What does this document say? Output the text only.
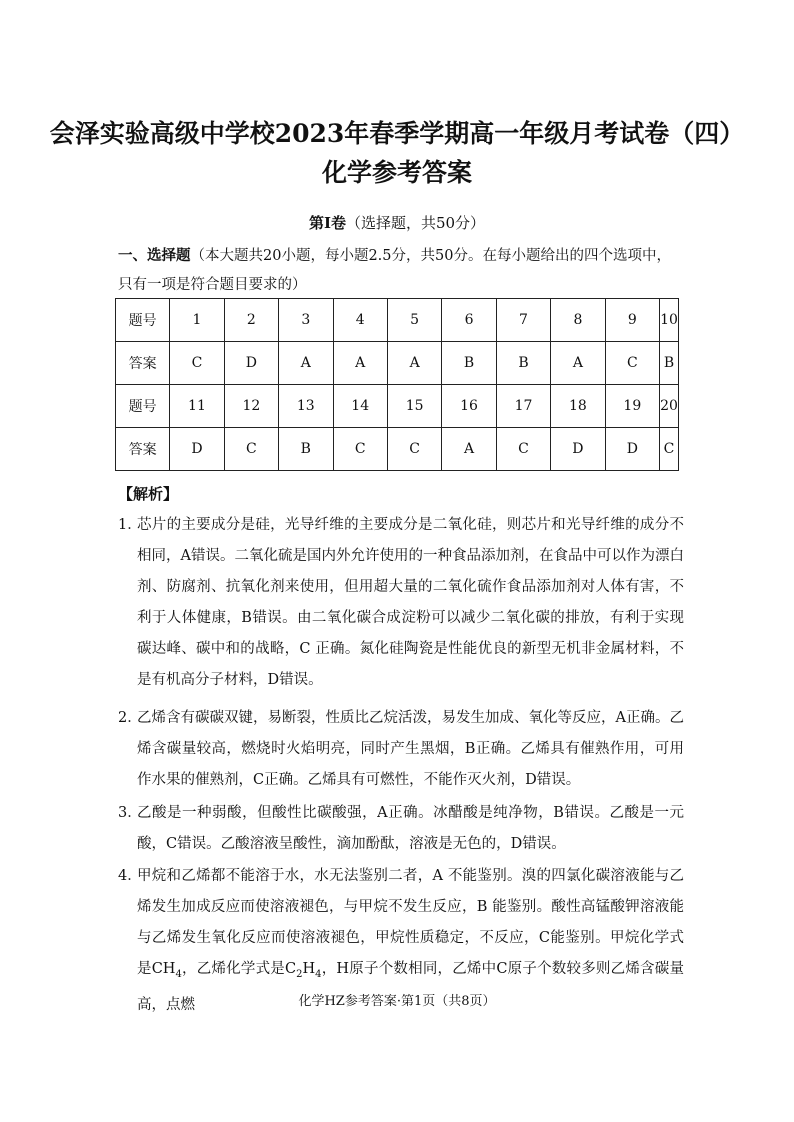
会泽实验高级中学校2023年春季学期高一年级月考试卷（四）
化学参考答案
第Ⅰ卷（选择题，共50分）
一、选择题（本大题共20小题，每小题2.5分，共50分。在每小题给出的四个选项中，只有一项是符合题目要求的）
题号	1	2	3	4	5	6	7	8	9	10
答案	C	D	A	A	A	B	B	A	C	B
题号	11	12	13	14	15	16	17	18	19	20
答案	D	C	B	C	C	A	C	D	D	C
【解析】
1．
芯片的主要成分是硅，光导纤维的主要成分是二氧化硅，则芯片和光导纤维的成分不相同，A错误。二氧化硫是国内外允许使用的一种食品添加剂，在食品中可以作为漂白剂、防腐剂、抗氧化剂来使用，但用超大量的二氧化硫作食品添加剂对人体有害，不利于人体健康，B错误。由二氧化碳合成淀粉可以减少二氧化碳的排放，有利于实现碳达峰、碳中和的战略，C 正确。氮化硅陶瓷是性能优良的新型无机非金属材料，不是有机高分子材料，D错误。
2．
乙烯含有碳碳双键，易断裂，性质比乙烷活泼，易发生加成、氧化等反应，A正确。乙烯含碳量较高，燃烧时火焰明亮，同时产生黑烟，B正确。乙烯具有催熟作用，可用作水果的催熟剂，C正确。乙烯具有可燃性，不能作灭火剂，D错误。
3．
乙酸是一种弱酸，但酸性比碳酸强，A正确。冰醋酸是纯净物，B错误。乙酸是一元酸，C错误。乙酸溶液呈酸性，滴加酚酞，溶液是无色的，D错误。
4．
甲烷和乙烯都不能溶于水，水无法鉴别二者，A 不能鉴别。溴的四氯化碳溶液能与乙烯发生加成反应而使溶液褪色，与甲烷不发生反应，B 能鉴别。酸性高锰酸钾溶液能与乙烯发生氧化反应而使溶液褪色，甲烷性质稳定，不反应，C能鉴别。甲烷化学式是$CH_4$，乙烯化学式是$C_2H_4$，H原子个数相同，乙烯中C原子个数较多则乙烯含碳量高，点燃	化学HZ参考答案·第1页（共8页）
